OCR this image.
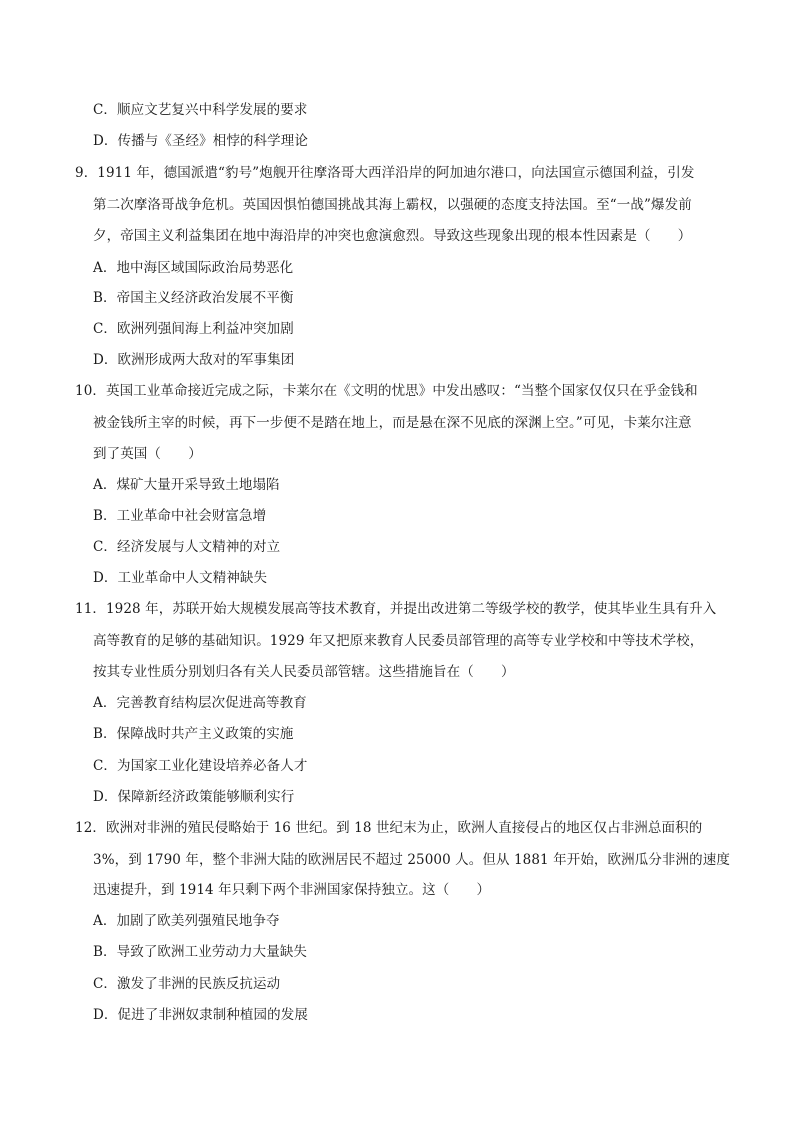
C．顺应文艺复兴中科学发展的要求
D．传播与《圣经》相悖的科学理论
9．1911 年，德国派遣“豹号”炮舰开往摩洛哥大西洋沿岸的阿加迪尔港口，向法国宣示德国利益，引发
第二次摩洛哥战争危机。英国因惧怕德国挑战其海上霸权，以强硬的态度支持法国。至“一战”爆发前
夕，帝国主义利益集团在地中海沿岸的冲突也愈演愈烈。导致这些现象出现的根本性因素是（　　）
A．地中海区域国际政治局势恶化
B．帝国主义经济政治发展不平衡
C．欧洲列强间海上利益冲突加剧
D．欧洲形成两大敌对的军事集团
10．英国工业革命接近完成之际，卡莱尔在《文明的忧思》中发出感叹：“当整个国家仅仅只在乎金钱和
被金钱所主宰的时候，再下一步便不是踏在地上，而是悬在深不见底的深渊上空。”可见，卡莱尔注意
到了英国（　　）
A．煤矿大量开采导致土地塌陷
B．工业革命中社会财富急增
C．经济发展与人文精神的对立
D．工业革命中人文精神缺失
11．1928 年，苏联开始大规模发展高等技术教育，并提出改进第二等级学校的教学，使其毕业生具有升入
高等教育的足够的基础知识。1929 年又把原来教育人民委员部管理的高等专业学校和中等技术学校，
按其专业性质分别划归各有关人民委员部管辖。这些措施旨在（　　）
A．完善教育结构层次促进高等教育
B．保障战时共产主义政策的实施
C．为国家工业化建设培养必备人才
D．保障新经济政策能够顺利实行
12．欧洲对非洲的殖民侵略始于 16 世纪。到 18 世纪末为止，欧洲人直接侵占的地区仅占非洲总面积的
3%，到 1790 年，整个非洲大陆的欧洲居民不超过 25000 人。但从 1881 年开始，欧洲瓜分非洲的速度
迅速提升，到 1914 年只剩下两个非洲国家保持独立。这（　　）
A．加剧了欧美列强殖民地争夺
B．导致了欧洲工业劳动力大量缺失
C．激发了非洲的民族反抗运动
D．促进了非洲奴隶制种植园的发展
